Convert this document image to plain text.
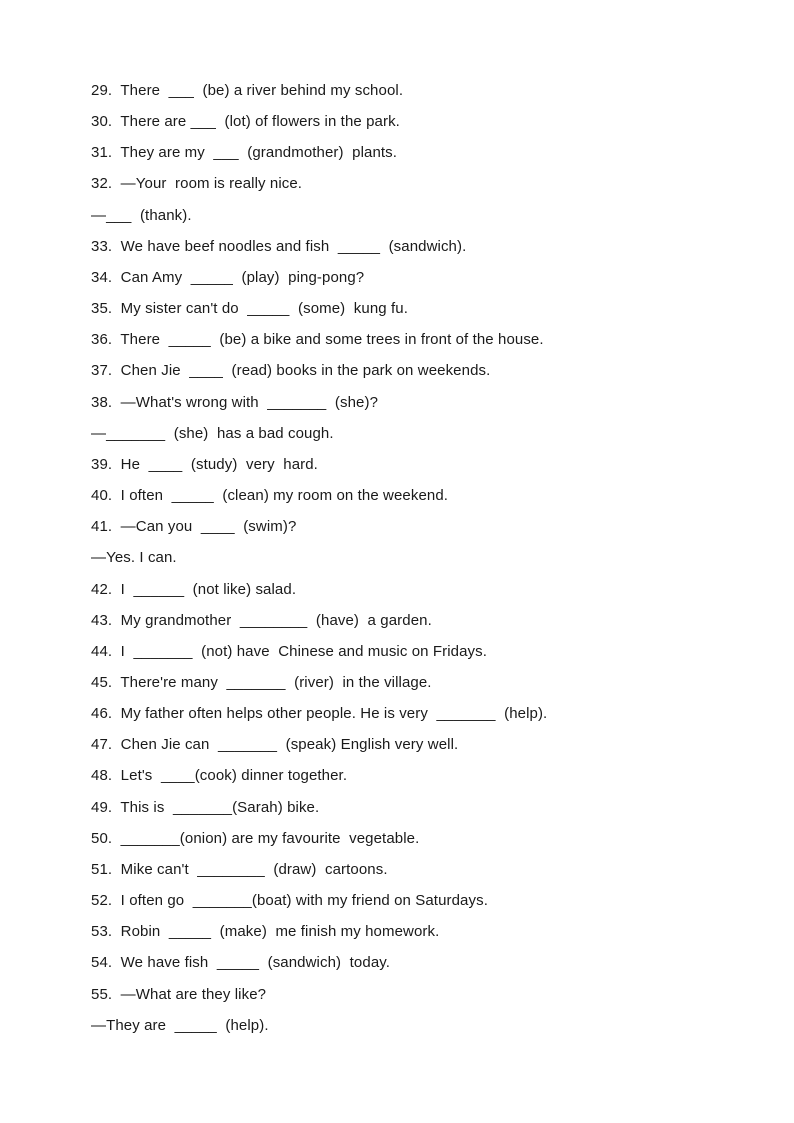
29.  There  ___  (be) a river behind my school.
30.  There are ___  (lot) of flowers in the park.
31.  They are my  ___  (grandmother)  plants.
32.  —Your  room is really nice.
—___  (thank).
33.  We have beef noodles and fish  _____  (sandwich).
34.  Can Amy  _____  (play)  ping-pong?
35.  My sister can't do  _____  (some)  kung fu.
36.  There  _____  (be) a bike and some trees in front of the house.
37.  Chen Jie  ____  (read) books in the park on weekends.
38.  —What's wrong with  _______  (she)?
—_______  (she)  has a bad cough.
39.  He  ____  (study)  very  hard.
40.  I often  _____  (clean) my room on the weekend.
41.  —Can you  ____  (swim)?
—Yes. I can.
42.  I  ______  (not like) salad.
43.  My grandmother  ________  (have)  a garden.
44.  I  _______  (not) have  Chinese and music on Fridays.
45.  There're many  _______  (river)  in the village.
46.  My father often helps other people. He is very  _______  (help).
47.  Chen Jie can  _______  (speak) English very well.
48.  Let's  ____(cook) dinner together.
49.  This is  _______(Sarah) bike.
50.  _______(onion) are my favourite  vegetable.
51.  Mike can't  ________  (draw)  cartoons.
52.  I often go  _______(boat) with my friend on Saturdays.
53.  Robin  _____  (make)  me finish my homework.
54.  We have fish  _____  (sandwich)  today.
55.  —What are they like?
—They are  _____  (help).
